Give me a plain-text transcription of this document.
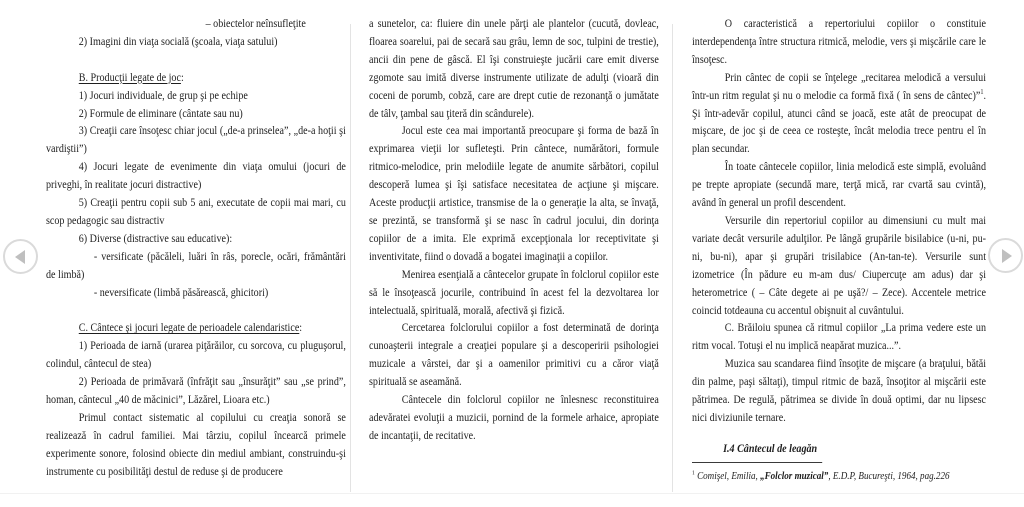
– obiectelor neînsufleţite

2) Imagini din viaţa socială (şcoala, viaţa satului)

B. Producţii legate de joc:

1) Jocuri individuale, de grup şi pe echipe

2) Formule de eliminare (cântate sau nu)

3) Creaţii care însoţesc chiar jocul („de-a prinselea”, „de-a hoţii şi vardiştii”)

4) Jocuri legate de evenimente din viaţa omului (jocuri de priveghi, în realitate jocuri distractive)

5) Creaţii pentru copii sub 5 ani, executate de copii mai mari, cu scop pedagogic sau distractiv

6) Diverse (distractive sau educative):

- versificate (păcăleli, luări în râs, porecle, ocări, frământări de limbă)

- neversificate (limbă păsărească, ghicitori)

C. Cântece şi jocuri legate de perioadele calendaristice:

1) Perioada de iarnă (urarea piţărăilor, cu sorcova, cu pluguşorul, colindul, cântecul de stea)

2) Perioada de primăvară (înfrăţit sau „însurăţit” sau „se prind”, homan, cântecul „40 de măcinici”, Lăzărel, Lioara etc.)

Primul contact sistematic al copilului cu creaţia sonoră se realizează în cadrul familiei. Mai târziu, copilul încearcă primele experimente sonore, folosind obiecte din mediul ambiant, construindu-şi instrumente cu posibilităţi destul de reduse şi de producere

a sunetelor, ca: fluiere din unele părţi ale plantelor (cucută, dovleac, floarea soarelui, pai de secară sau grâu, lemn de soc, tulpini de trestie), ancii din pene de gâscă. El îşi construieşte jucării care emit diverse zgomote sau imită diverse instrumente utilizate de adulţi (vioară din coceni de porumb, cobză, care are drept cutie de rezonanţă o jumătate de tâlv, ţambal sau ţiteră din scândurele).

Jocul este cea mai importantă preocupare şi forma de bază în exprimarea vieţii lor sufleteşti. Prin cântece, numărători, formule ritmico-melodice, prin melodiile legate de anumite sărbători, copilul descoperă lumea şi îşi satisface necesitatea de acţiune şi mişcare. Aceste producţii artistice, transmise de la o generaţie la alta, se învaţă, se prezintă, se transformă şi se nasc în cadrul jocului, din dorinţa copiilor de a imita. Ele exprimă excepţionala lor receptivitate şi inventivitate, fiind o dovadă a bogatei imaginaţii a copiilor.

Menirea esenţială a cântecelor grupate în folclorul copiilor este să le însoţească jocurile, contribuind în acest fel la dezvoltarea lor intelectuală, spirituală, morală, afectivă şi fizică.

Cercetarea folclorului copiilor a fost determinată de dorinţa cunoaşterii integrale a creaţiei populare şi a descoperirii psihologiei muzicale a vârstei, dar şi a oamenilor primitivi cu a căror viaţă spirituală se aseamănă.

Cântecele din folclorul copiilor ne înlesnesc reconstituirea adevăratei evoluţii a muzicii, pornind de la formele arhaice, apropiate de incantaţii, de recitative.

$^1$ Comişel, Emilia, „Folclor muzical”, E.D.P, Bucureşti, 1964, pag.226

O caracteristică a repertoriului copiilor o constituie interdependenţa între structura ritmică, melodie, vers şi mişcările care le însoţesc.

Prin cântec de copii se înţelege „recitarea melodică a versului într-un ritm regulat şi nu o melodie ca formă fixă ( în sens de cântec)”$^1$. Şi într-adevăr copilul, atunci când se joacă, este atât de preocupat de mişcare, de joc şi de ceea ce rosteşte, încât melodia trece pentru el în plan secundar.

În toate cântecele copiilor, linia melodică este simplă, evoluând pe trepte apropiate (secundă mare, terţă mică, rar cvartă sau cvintă), având în general un profil descendent.

Versurile din repertoriul copiilor au dimensiuni cu mult mai variate decât versurile adulţilor. Pe lângă grupările bisilabice (u-ni, pu-ni, bu-ni), apar şi grupări trisilabice (An-tan-te). Versurile sunt izometrice (În pădure eu m-am dus/ Ciupercuţe am adus) dar şi heterometrice ( – Câte degete ai pe uşă?/ – Zece). Accentele metrice coincid totdeauna cu accentul obişnuit al cuvântului.

C. Brăiloiu spunea că ritmul copiilor „La prima vedere este un ritm vocal. Totuşi el nu implică neapărat muzica...”.

Muzica sau scandarea fiind însoţite de mişcare (a braţului, bătăi din palme, paşi săltaţi), timpul ritmic de bază, însoţitor al mişcării este pătrimea. De regulă, pătrimea se divide în două optimi, dar nu lipsesc nici diviziunile ternare.

I.4 Cântecul de leagăn
